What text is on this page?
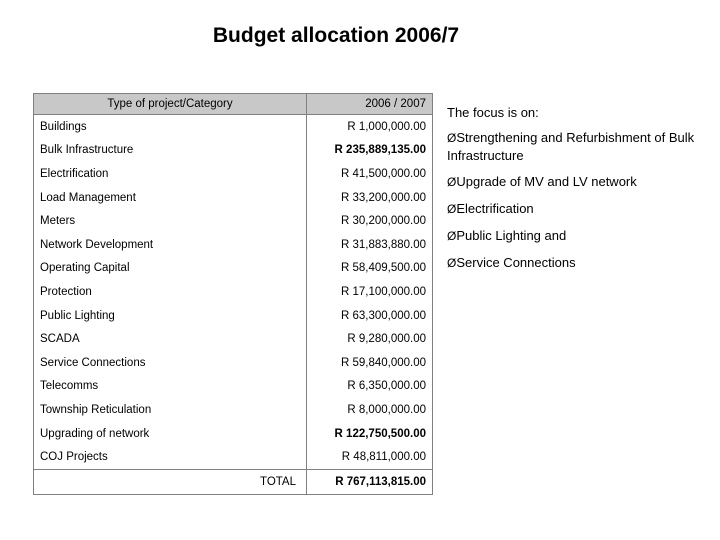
Budget allocation 2006/7
Type of project/Category	2006 / 2007
Buildings	R 1,000,000.00
Bulk Infrastructure	R 235,889,135.00
Electrification	R 41,500,000.00
Load Management	R 33,200,000.00
Meters	R 30,200,000.00
Network Development	R 31,883,880.00
Operating Capital	R 58,409,500.00
Protection	R 17,100,000.00
Public Lighting	R 63,300,000.00
SCADA	R 9,280,000.00
Service Connections	R 59,840,000.00
Telecomms	R 6,350,000.00
Township Reticulation	R 8,000,000.00
Upgrading of network	R 122,750,500.00
COJ Projects	R 48,811,000.00
TOTAL	R 767,113,815.00
The focus is on:
ØStrengthening and Refurbishment of Bulk Infrastructure
ØUpgrade of MV and LV network
ØElectrification
ØPublic Lighting and
ØService Connections
